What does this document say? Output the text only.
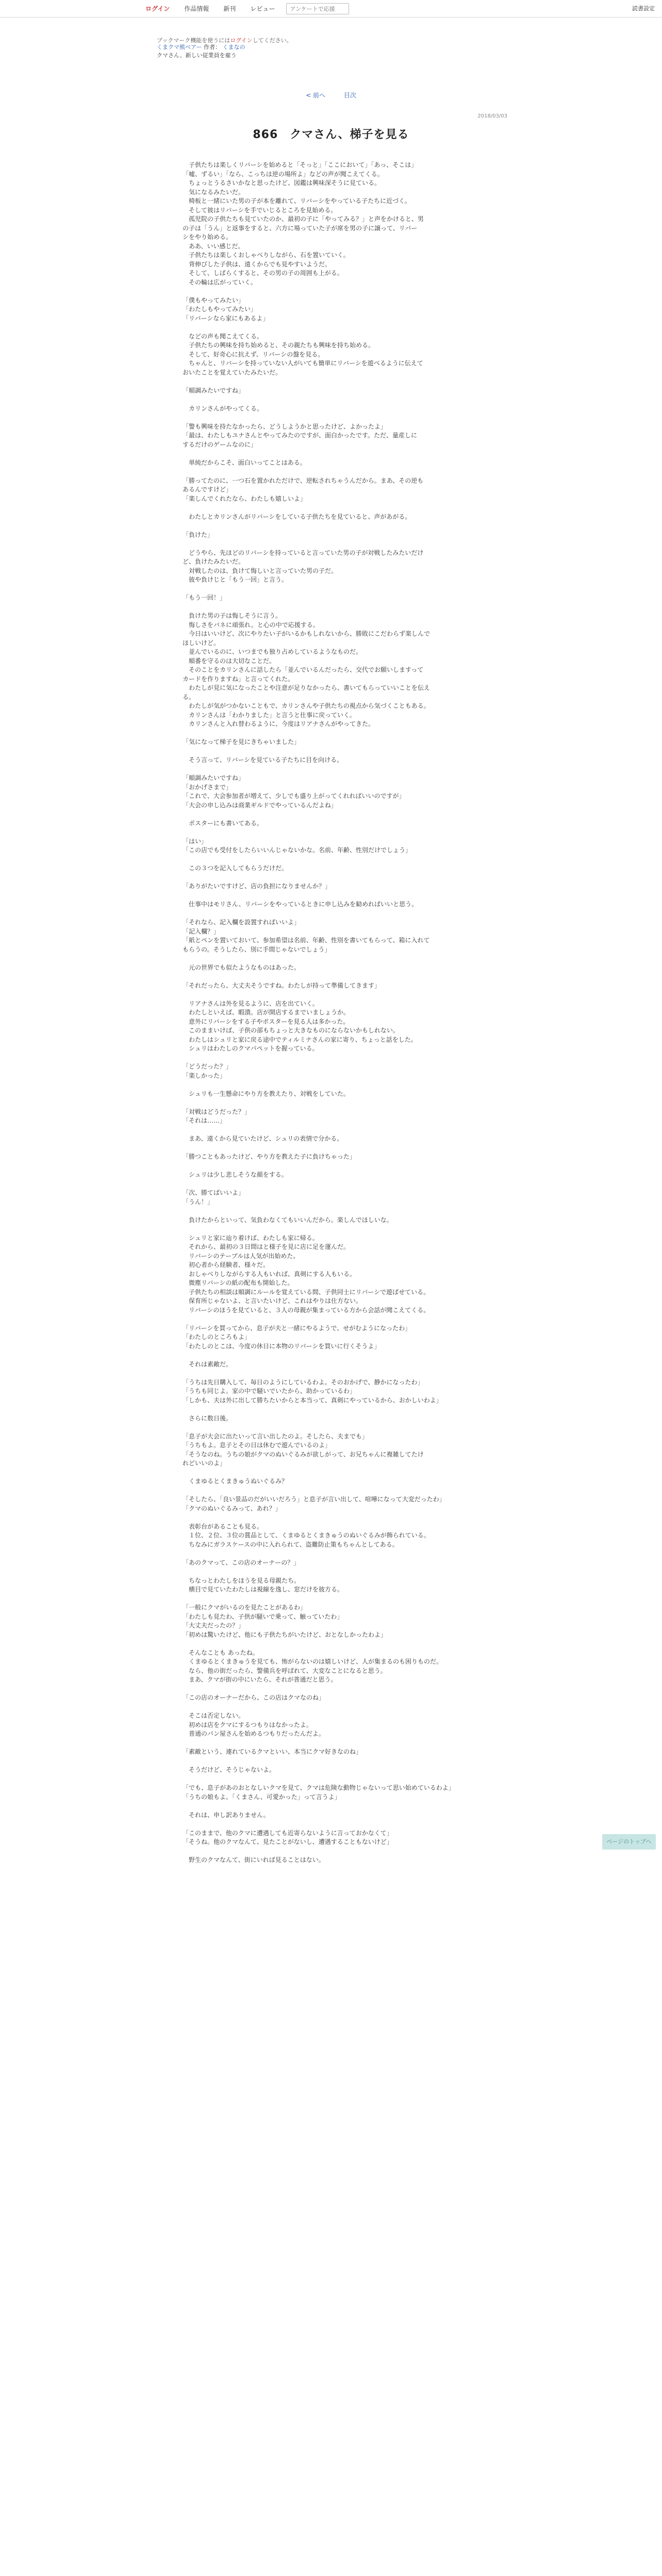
ログイン	作品情報	新刊	レビュー
アンケートで応援	読書設定
ブックマーク機能を使うにはログインしてください。
くまクマ熊ベアー 作者： くまなの
クマさん、新しい従業員を雇う
< 前へ	目次
2018/03/03
866　クマさん、梯子を見る

　子供たちは楽しくリバーシを始めると「そっと」「ここにおいて」「あっ、そこは」

「嘘、ずるい」「なら、こっちは逆の場所よ」などの声が聞こえてくる。

　ちょっとうるさいかなと思ったけど、図鑑は興味深そうに見ている。

　気になるみたいだ。

　椅板と一緒にいた男の子が本を離れて、リバーシをやっている子たちに近づく。

　そして彼はリバーシを手でいじるところを見始める。

　孤児院の子供たちも見ていたのか、最初の子に「やってみる？」と声をかけると、男

の子は「うん」と返事をすると、六方に場っていた子が席を男の子に譲って、リバー

シをやり始める。

　ああ、いい感じだ。

　子供たちは楽しくおしゃべりしながら、石を置いていく。

　背伸びした子供は、遠くからでも見やすいようだ。

　そして、しばらくすると、その男の子の周囲も上がる。

　その輪は広がっていく。

「僕もやってみたい」

「わたしもやってみたい」

「リバーシなら家にもあるよ」

　などの声も聞こえてくる。

　子供たちの興味を持ち始めると、その親たちも興味を持ち始める。

　そして、好奇心に抗えず、リバーシの盤を見る。

　ちゃんと、リバーシを持っていない人がいても簡単にリバーシを遊べるように伝えて

おいたことを覚えていたみたいだ。

「順調みたいですね」

　カリンさんがやってくる。

「警も興味を持たなかったら、どうしようかと思ったけど、よかったよ」

「最は、わたしもユナさんとやってみたのですが、面白かったです。ただ、量産しに

するだけのゲームなのに」

　単純だからこそ、面白いってことはある。

「勝ってたのに、一つ石を置かれただけで、逆転されちゃうんだから。まあ、その逆も

あるんですけど」

「楽しんでくれたなら、わたしも嬉しいよ」

　わたしとカリンさんがリバーシをしている子供たちを見ていると、声があがる。

「負けた」

　どうやら、先ほどのリバーシを持っていると言っていた男の子が対戦したみたいだけ

ど、負けたみたいだ。

　対戦したのは、負けて悔しいと言っていた男の子だ。

　彼や負けじと「もう一回」と言う。

「もう一回！」

　負けた男の子は悔しそうに言う。

　悔しさをバネに頑張れ。と心の中で応援する。

　今日はいいけど、次にやりたい子がいるかもしれないから、勝敗にこだわらず楽しんで

ほしいけど。

　並んでいるのに、いつまでも独り占めしているようなものだ。

　順番を守るのは大切なことだ。

　そのことをカリンさんに話したら「並んでいるんだったら、交代でお願いしますって

カードを作りますね」と言ってくれた。

　わたしが見に気になったことや注意が足りなかったら、書いてもらっていいことを伝え

る。

　わたしが気がつかないこともで、カリンさんや子供たちの視点から気づくこともある。

　カリンさんは「わかりました」と言うと仕事に戻っていく。

　カリンさんと入れ替わるように、今度はリアナさんがやってきた。

「気になって梯子を見にきちゃいました」

　そう言って、リバーシを見ている子たちに目を向ける。

「順調みたいですね」

「おかげさまで」

「これで、大会参加者が増えて、少しでも盛り上がってくれればいいのですが」

「大会の申し込みは商業ギルドでやっているんだよね」

　ポスターにも書いてある。

「はい」

「この店でも受付をしたらいいんじゃないかな。名前、年齢、性別だけでしょう」

　この３つを記入してもらうだけだ。

「ありがたいですけど、店の負担になりませんか？」

　仕事中はモリさん、リバーシをやっているときに申し込みを勧めればいいと思う。

「それなら、記入欄を設置すればいいよ」

「記入欄？」

「紙とペンを置いておいて、参加希望は名前、年齢、性別を書いてもらって、箱に入れて

もらうの。そうしたら、別に手間じゃないでしょう」

　元の世界でも似たようなものはあった。

「それだったら、大丈夫そうですね。わたしが持って準備してきます」

　リアナさんは外を見るように、店を出ていく。

　わたしといえば、暇潰。店が開店するまでいましょうか。

　意外にリバーシをする子やポスターを見る人は多かった。

　このままいけば、子供の部もちょっと大きなものにならないかもしれない。

　わたしはシュリと家に戻る途中でティルミナさんの家に寄り、ちょっと話をした。

　シュリはわたしのクマパペットを握っている。

「どうだった？」

「楽しかった」

　シュリも一生懸命にやり方を教えたり、対戦をしていた。

「対戦はどうだった？」

「それは……」

　まあ、遠くから見ていたけど、シュリの表情で分かる。

「勝つこともあったけど、やり方を教えた子に負けちゃった」

　シュリは少し悲しそうな顔をする。

「次、勝てばいいよ」

「うん！」

　負けたからといって、気負わなくてもいいんだから。楽しんでほしいな。

　シュリと家に辿り着けば、わたしも家に帰る。

　それから、最初の３日間はと様子を見に店に足を運んだ。

　リバーシのテーブルは人気が出始めた。

　初心者から経験者、様々だ。

　おしゃべりしながらする人もいれば、真剣にする人もいる。

　微塵リバーシの紙の配布も開始した。

　子供たちの相談は順調にルールを覚えている間、子供同士にリバーシで遊ばせている。

　保育所じゃないよ、と言いたいけど、これはやりは仕方ない。

　リバーシのほうを見ていると、３人の母親が集まっている方から会話が聞こえてくる。

「リバーシを買ってから、息子が夫と一緒にやるようで、せがむようになったわ」

「わたしのところもよ」

「わたしのとこは、今度の休日に本物のリバーシを買いに行くそうよ」

　それは素敵だ。

「うちは先日購入して、毎日のようにしているわよ。そのおかげで、静かになったわ」

「うちも同じよ。家の中で騒いでいたから、助かっているわ」

「しかも、夫は外に出して勝ちたいからと本当って、真剣にやっているから、おかしいわよ」

　さらに数日後。

「息子が大会に出たいって言い出したのよ。そしたら、夫までも」

「うちもよ。息子とその日は休むで遊んでいるのよ」

「そうなのね。うちの娘がクマのぬいぐるみが欲しがって、お兄ちゃんに複雑してたけ

れどいいのよ」

　くまゆるとくまきゅうぬいぐるみ？

「そしたら、「良い景品のだがいいだろう」と息子が言い出して、喧嘩になって大変だったわ」

「クマのぬいぐるみって、あれ？」

　表彰台があることも見る。

　１位、２位、３位の賞品として、くまゆるとくまきゅうのぬいぐるみが飾られている。

　ちなみにガラスケースの中に入れられて、盗難防止策もちゃんとしてある。

「あのクマって、この店のオーナーの？」

　ちなっとわたしをほうを見る母親たち。

　横目で見ていたわたしは視線を逸し、窓だけを彼方る。

「一般にクマがいるのを見たことがあるわ」

「わたしも見たわ、子供が騒いで乗って、触っていたわ」

「大丈夫だったの？」

「初めは驚いたけど、他にも子供たちがいたけど、おとなしかったわよ」

　そんなことも あったね。

　くまゆるとくまきゅうを見ても、怖がらないのは嬉しいけど、人が集まるのも困りものだ。

　なら、他の街だったら、警備兵を呼ばれて、大変なことになると思う。

　まあ、クマが街の中にいたら、それが普通だと思う。

「この店のオーナーだから、この店はクマなのね」

　そこは否定しない。

　初めは店をクマにするつもりはなかったよ。

　普通のパン屋さんを始めるつもりだったんだよ。

「素敵という、連れているクマといい、本当にクマ好きなのね」

　そうだけど、そうじゃないよ。

「でも、息子があのおとなしいクマを見て、クマは危険な動物じゃないって思い始めているわよ」

「うちの娘もよ。「くまさん、可愛かった」って言うよ」

　それは、申し訳ありません。

「このままで、他のクマに遭遇しても近寄らないように言っておかなくて」

「そうね。他のクマなんて、見たことがないし、遭遇することもないけど」

　野生のクマなんて、街にいれば見ることはない。

ページのトップへ
